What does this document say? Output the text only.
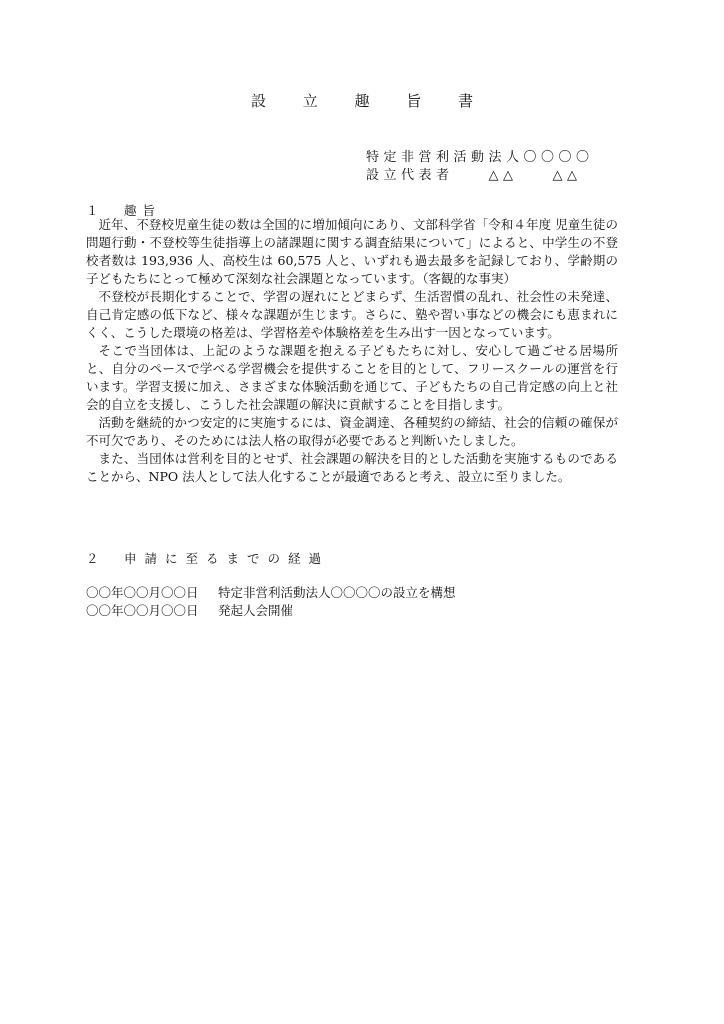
設 立 趣 旨 書
特定非営利活動法人〇〇〇〇
設立代表者　　△△　　△△
１ 趣旨

近年、不登校児童生徒の数は全国的に増加傾向にあり、文部科学省「令和４年度 児童生徒の問題行動・不登校等生徒指導上の諸課題に関する調査結果について」によると、中学生の不登校者数は 193,936 人、高校生は 60,575 人と、いずれも過去最多を記録しており、学齢期の子どもたちにとって極めて深刻な社会課題となっています。（客観的な事実）

不登校が長期化することで、学習の遅れにとどまらず、生活習慣の乱れ、社会性の未発達、自己肯定感の低下など、様々な課題が生じます。さらに、塾や習い事などの機会にも恵まれにくく、こうした環境の格差は、学習格差や体験格差を生み出す一因となっています。

そこで当団体は、上記のような課題を抱える子どもたちに対し、安心して過ごせる居場所と、自分のペースで学べる学習機会を提供することを目的として、フリースクールの運営を行います。学習支援に加え、さまざまな体験活動を通じて、子どもたちの自己肯定感の向上と社会的自立を支援し、こうした社会課題の解決に貢献することを目指します。

活動を継続的かつ安定的に実施するには、資金調達、各種契約の締結、社会的信頼の確保が不可欠であり、そのためには法人格の取得が必要であると判断いたしました。

また、当団体は営利を目的とせず、社会課題の解決を目的とした活動を実施するものであることから、NPO 法人として法人化することが最適であると考え、設立に至りました。

２ 申請に至るまでの経過
〇〇年〇〇月〇〇日 特定非営利活動法人〇〇〇〇の設立を構想
〇〇年〇〇月〇〇日 発起人会開催
